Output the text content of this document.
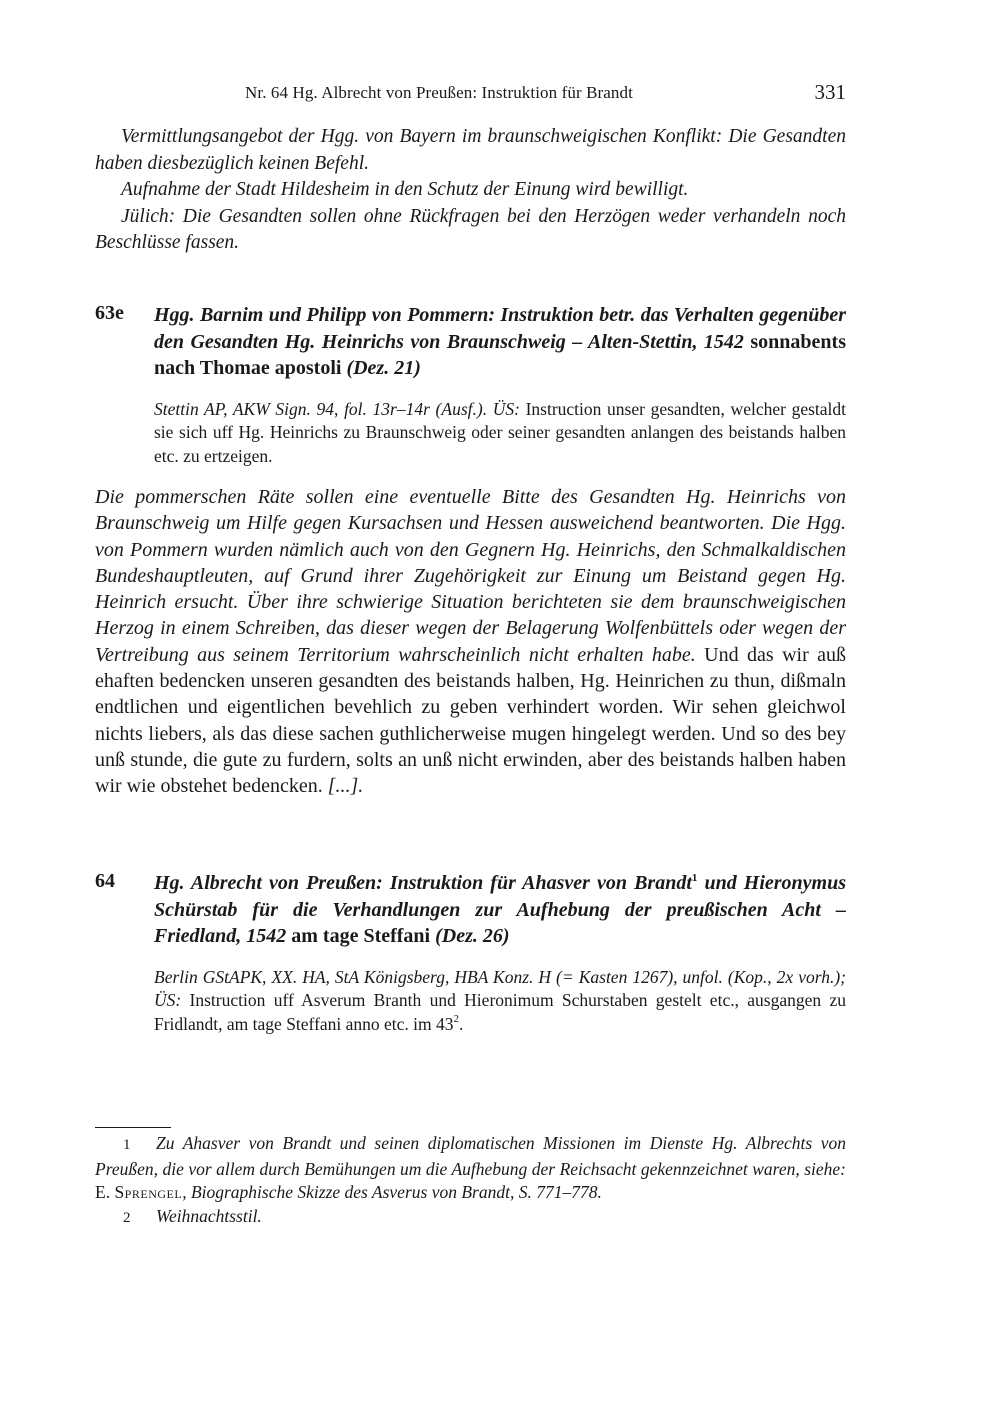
Nr. 64 Hg. Albrecht von Preußen: Instruktion für Brandt	331

Vermittlungsangebot der Hgg. von Bayern im braunschweigischen Konflikt: Die Gesandten haben diesbezüglich keinen Befehl.

Aufnahme der Stadt Hildesheim in den Schutz der Einung wird bewilligt.

Jülich: Die Gesandten sollen ohne Rückfragen bei den Herzögen weder verhandeln noch Beschlüsse fassen.

63e Hgg. Barnim und Philipp von Pommern: Instruktion betr. das Verhalten gegenüber den Gesandten Hg. Heinrichs von Braunschweig – Alten-Stettin, 1542 sonnabents nach Thomae apostoli (Dez. 21)
Stettin AP, AKW Sign. 94, fol. 13r–14r (Ausf.). ÜS: Instruction unser gesandten, welcher gestaldt sie sich uff Hg. Heinrichs zu Braunschweig oder seiner gesandten anlangen des beistands halben etc. zu ertzeigen.
Die pommerschen Räte sollen eine eventuelle Bitte des Gesandten Hg. Heinrichs von Braunschweig um Hilfe gegen Kursachsen und Hessen ausweichend beantworten. Die Hgg. von Pommern wurden nämlich auch von den Gegnern Hg. Heinrichs, den Schmalkaldischen Bundeshauptleuten, auf Grund ihrer Zugehörigkeit zur Einung um Beistand gegen Hg. Heinrich ersucht. Über ihre schwierige Situation berichteten sie dem braunschweigischen Herzog in einem Schreiben, das dieser wegen der Belagerung Wolfenbüttels oder wegen der Vertreibung aus seinem Territorium wahrscheinlich nicht erhalten habe. Und das wir auß ehaften bedencken unseren gesandten des beistands halben, Hg. Heinrichen zu thun, dißmaln endtlichen und eigentlichen bevehlich zu geben verhindert worden. Wir sehen gleichwol nichts liebers, als das diese sachen guthlicherweise mugen hingelegt werden. Und so des bey unß stunde, die gute zu furdern, solts an unß nicht erwinden, aber des beistands halben haben wir wie obstehet bedencken. [...].
64 Hg. Albrecht von Preußen: Instruktion für Ahasver von Brandt$^1$ und Hieronymus Schürstab für die Verhandlungen zur Aufhebung der preußischen Acht – Friedland, 1542 am tage Steffani (Dez. 26)
Berlin GStAPK, XX. HA, StA Königsberg, HBA Konz. H (= Kasten 1267), unfol. (Kop., 2x vorh.); ÜS: Instruction uff Asverum Branth und Hieronimum Schurstaben gestelt etc., ausgangen zu Fridlandt, am tage Steffani anno etc. im $43^2$.

1 Zu Ahasver von Brandt und seinen diplomatischen Missionen im Dienste Hg. Albrechts von Preußen, die vor allem durch Bemühungen um die Aufhebung der Reichsacht gekennzeichnet waren, siehe: E. Sprengel, Biographische Skizze des Asverus von Brandt, S. 771–778.

2 Weihnachtsstil.
